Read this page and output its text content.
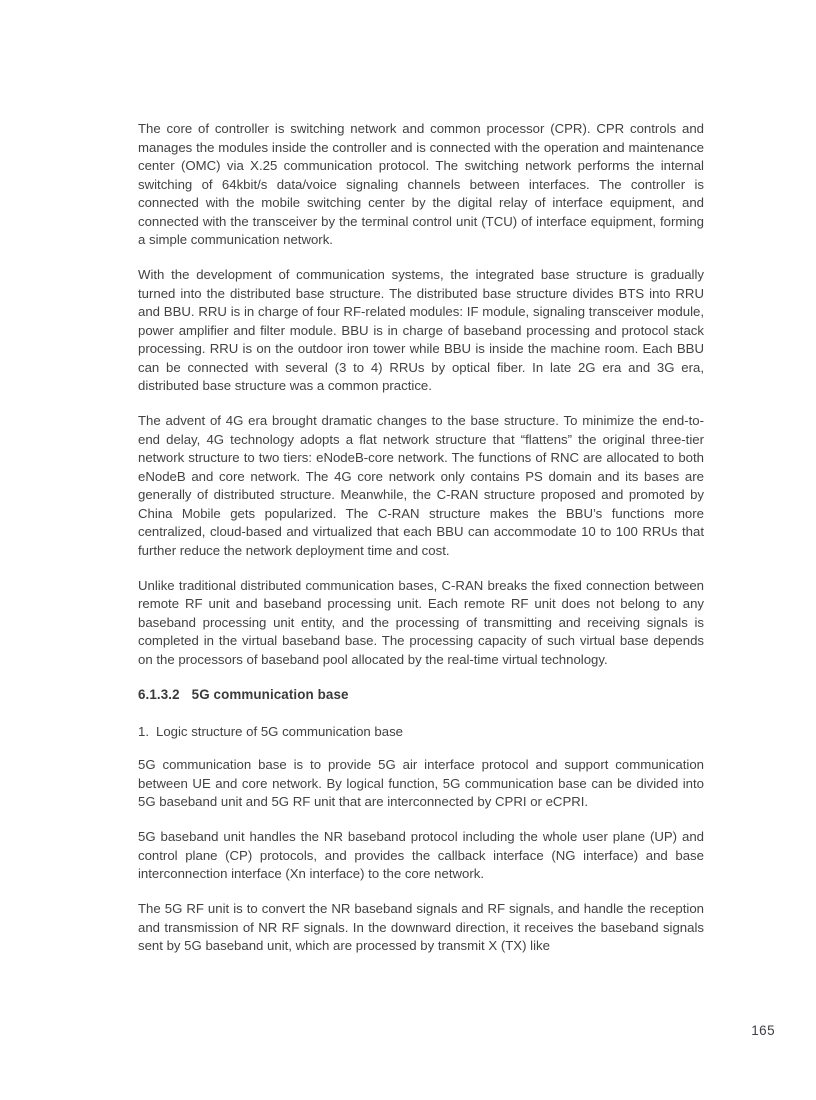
The core of controller is switching network and common processor (CPR). CPR controls and manages the modules inside the controller and is connected with the operation and maintenance center (OMC) via X.25 communication protocol. The switching network performs the internal switching of 64kbit/s data/voice signaling channels between interfaces. The controller is connected with the mobile switching center by the digital relay of interface equipment, and connected with the transceiver by the terminal control unit (TCU) of interface equipment, forming a simple communication network.

With the development of communication systems, the integrated base structure is gradually turned into the distributed base structure. The distributed base structure divides BTS into RRU and BBU. RRU is in charge of four RF-related modules: IF module, signaling transceiver module, power amplifier and filter module. BBU is in charge of baseband processing and protocol stack processing. RRU is on the outdoor iron tower while BBU is inside the machine room. Each BBU can be connected with several (3 to 4) RRUs by optical fiber. In late 2G era and 3G era, distributed base structure was a common practice.

The advent of 4G era brought dramatic changes to the base structure. To minimize the end-to-end delay, 4G technology adopts a flat network structure that “flattens” the original three-tier network structure to two tiers: eNodeB-core network. The functions of RNC are allocated to both eNodeB and core network. The 4G core network only contains PS domain and its bases are generally of distributed structure. Meanwhile, the C-RAN structure proposed and promoted by China Mobile gets popularized. The C-RAN structure makes the BBU’s functions more centralized, cloud-based and virtualized that each BBU can accommodate 10 to 100 RRUs that further reduce the network deployment time and cost.

Unlike traditional distributed communication bases, C-RAN breaks the fixed connection between remote RF unit and baseband processing unit. Each remote RF unit does not belong to any baseband processing unit entity, and the processing of transmitting and receiving signals is completed in the virtual baseband base. The processing capacity of such virtual base depends on the processors of baseband pool allocated by the real-time virtual technology.

6.1.3.2 5G communication base
1. Logic structure of 5G communication base

5G communication base is to provide 5G air interface protocol and support communication between UE and core network. By logical function, 5G communication base can be divided into 5G baseband unit and 5G RF unit that are interconnected by CPRI or eCPRI.

5G baseband unit handles the NR baseband protocol including the whole user plane (UP) and control plane (CP) protocols, and provides the callback interface (NG interface) and base interconnection interface (Xn interface) to the core network.

The 5G RF unit is to convert the NR baseband signals and RF signals, and handle the reception and transmission of NR RF signals. In the downward direction, it receives the baseband signals sent by 5G baseband unit, which are processed by transmit X (TX) like

165
